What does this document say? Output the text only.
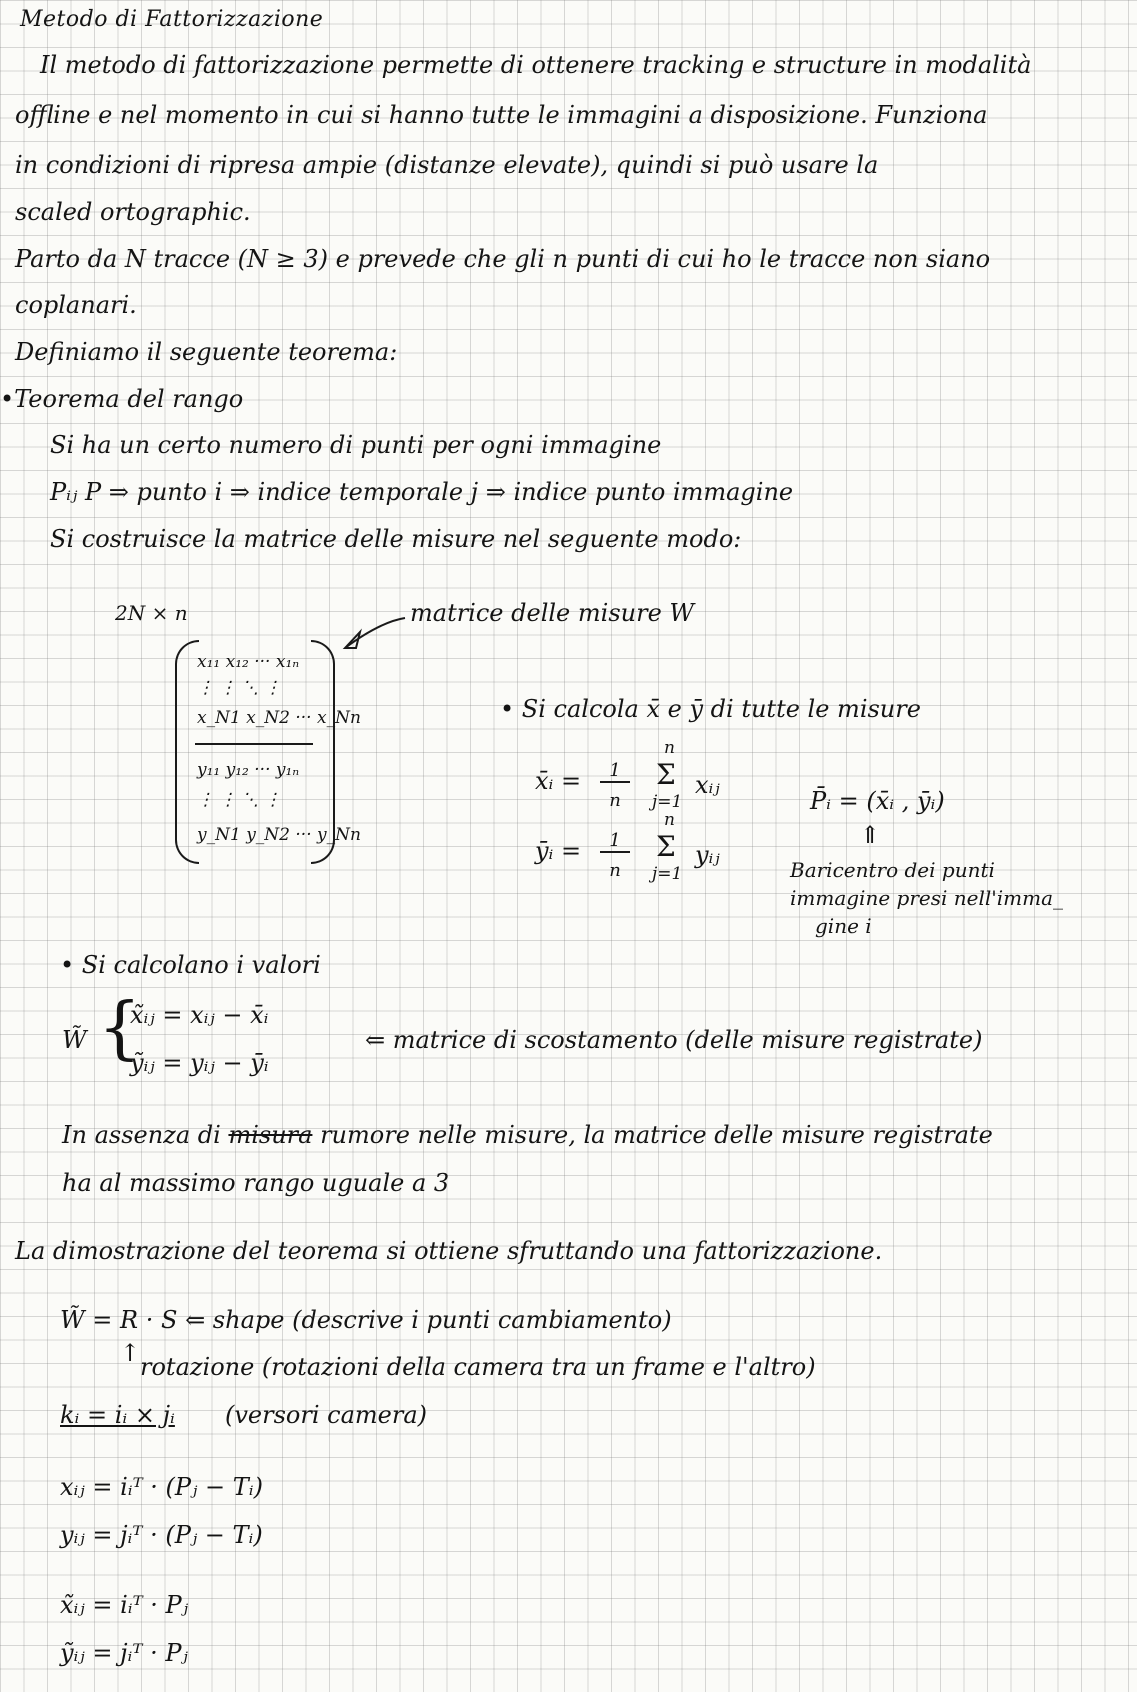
Metodo di Fattorizzazione
Il metodo di fattorizzazione permette di ottenere tracking e structure in modalità
offline e nel momento in cui si hanno tutte le immagini a disposizione. Funziona
in condizioni di ripresa ampie (distanze elevate), quindi si può usare la
scaled ortographic.
Parto da N tracce (N ≥ 3) e prevede che gli n punti di cui ho le tracce non siano
coplanari.
Definiamo il seguente teorema:
•Teorema del rango
Si ha un certo numero di punti per ogni immagine
Pᵢⱼ P ⇒ punto i ⇒ indice temporale j ⇒ indice punto immagine
Si costruisce la matrice delle misure nel seguente modo:
2N × n	matrice delle misure W
x₁₁ x₁₂ ··· x₁ₙ
⋮ ⋮ ⋱ ⋮
x_N1 x_N2 ··· x_Nn
y₁₁ y₁₂ ··· y₁ₙ
⋮ ⋮ ⋱ ⋮
y_N1 y_N2 ··· y_Nn
• Si calcola x̄ e ȳ di tutte le misure
x̄ᵢ =	1
n
n
Σ
j=1
xᵢⱼ
ȳᵢ =	1
n
n
Σ
j=1
yᵢⱼ
P̄ᵢ = (x̄ᵢ , ȳᵢ)
⇑
Baricentro dei punti
immagine presi nell'imma_
gine i
• Si calcolano i valori
W̃ {
x̃ᵢⱼ = xᵢⱼ − x̄ᵢ
ỹᵢⱼ = yᵢⱼ − ȳᵢ
⇐ matrice di scostamento (delle misure registrate)
In assenza di misura rumore nelle misure, la matrice delle misure registrate
ha al massimo rango uguale a 3
La dimostrazione del teorema si ottiene sfruttando una fattorizzazione.
W̃ = R · S ⇐ shape (descrive i punti cambiamento)
↑ rotazione (rotazioni della camera tra un frame e l'altro)
kᵢ = iᵢ × jᵢ (versori camera)
xᵢⱼ = iᵢᵀ · (Pⱼ − Tᵢ)
yᵢⱼ = jᵢᵀ · (Pⱼ − Tᵢ)
x̃ᵢⱼ = iᵢᵀ · Pⱼ
ỹᵢⱼ = jᵢᵀ · Pⱼ
